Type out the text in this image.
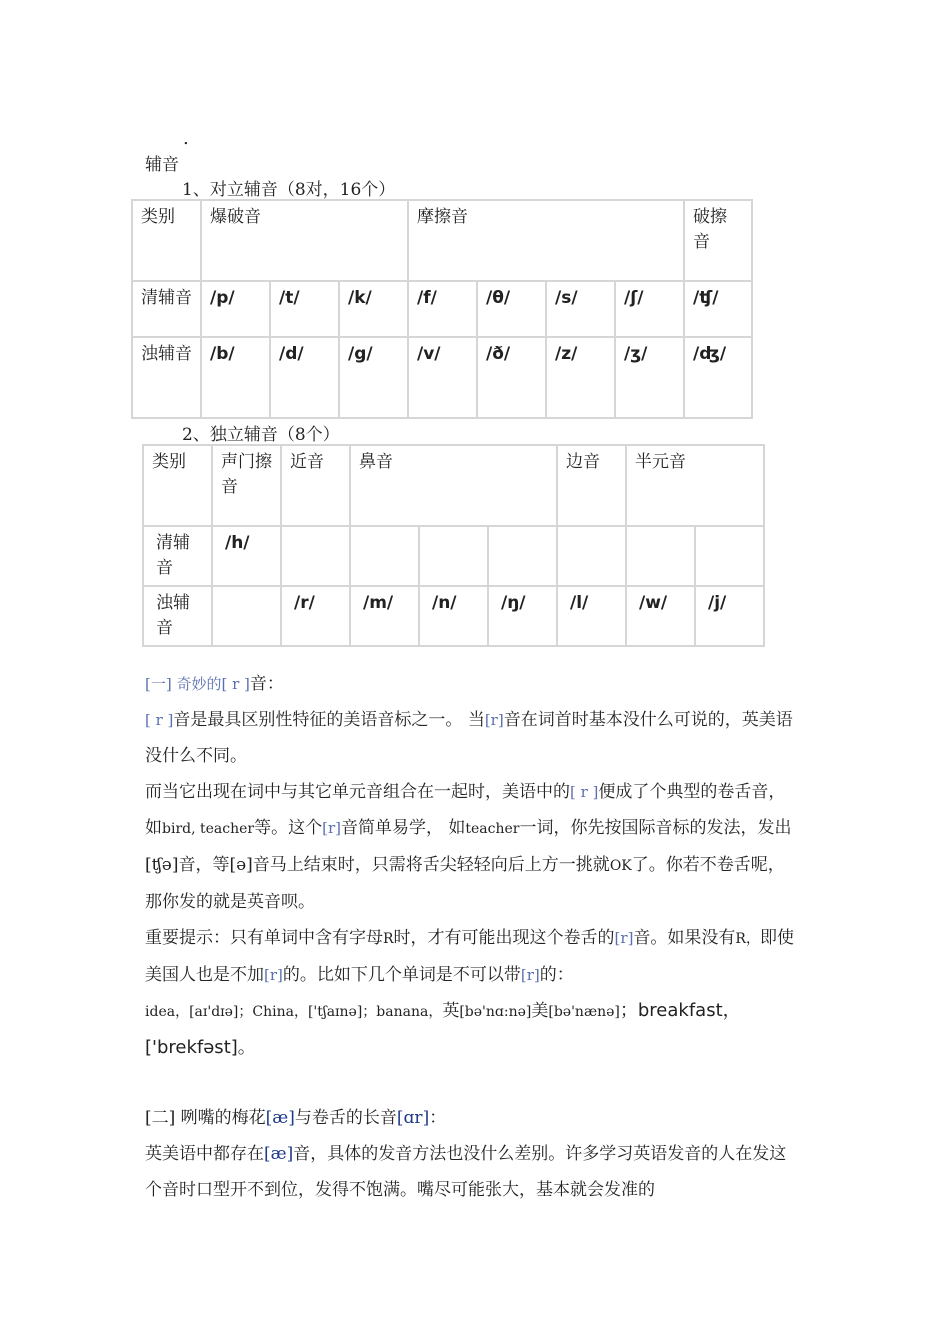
.
辅音
1、对立辅音（8对，16个）
类别	爆破音			摩擦音				破擦音
清辅音	/p/	/t/	/k/	/f/	/θ/	/s/	/ʃ/	/ʧ/
浊辅音	/b/	/d/	/g/	/v/	/ð/	/z/	/ʒ/	/ʤ/
2、独立辅音（8个）
类别	声门擦音	近音	鼻音			边音	半元音	
清辅音	/h/							
浊辅音		/r/	/m/	/n/	/ŋ/	/l/	/w/	/j/

[一] 奇妙的[ r ]音：

[ r ]音是最具区别性特征的美语音标之一。 当[r]音在词首时基本没什么可说的，英美语没什么不同。

而当它出现在词中与其它单元音组合在一起时，美语中的[ r ]便成了个典型的卷舌音，如bird, teacher等。这个[r]音简单易学， 如teacher一词，你先按国际音标的发法，发出[ʧə]音，等[ə]音马上结束时，只需将舌尖轻轻向后上方一挑就OK了。你若不卷舌呢，那你发的就是英音呗。

重要提示：只有单词中含有字母R时，才有可能出现这个卷舌的[r]音。如果没有R，即使美国人也是不加[r]的。比如下几个单词是不可以带[r]的：

idea，[aɪ'dɪə]；China，['tʃaɪnə]；banana，英[bə'nɑ:nə]美[bə'nænə]；breakfast，['brekfəst]。

[二] 咧嘴的梅花[æ]与卷舌的长音[ɑr]：

英美语中都存在[æ]音，具体的发音方法也没什么差别。许多学习英语发音的人在发这个音时口型开不到位，发得不饱满。嘴尽可能张大，基本就会发准的
